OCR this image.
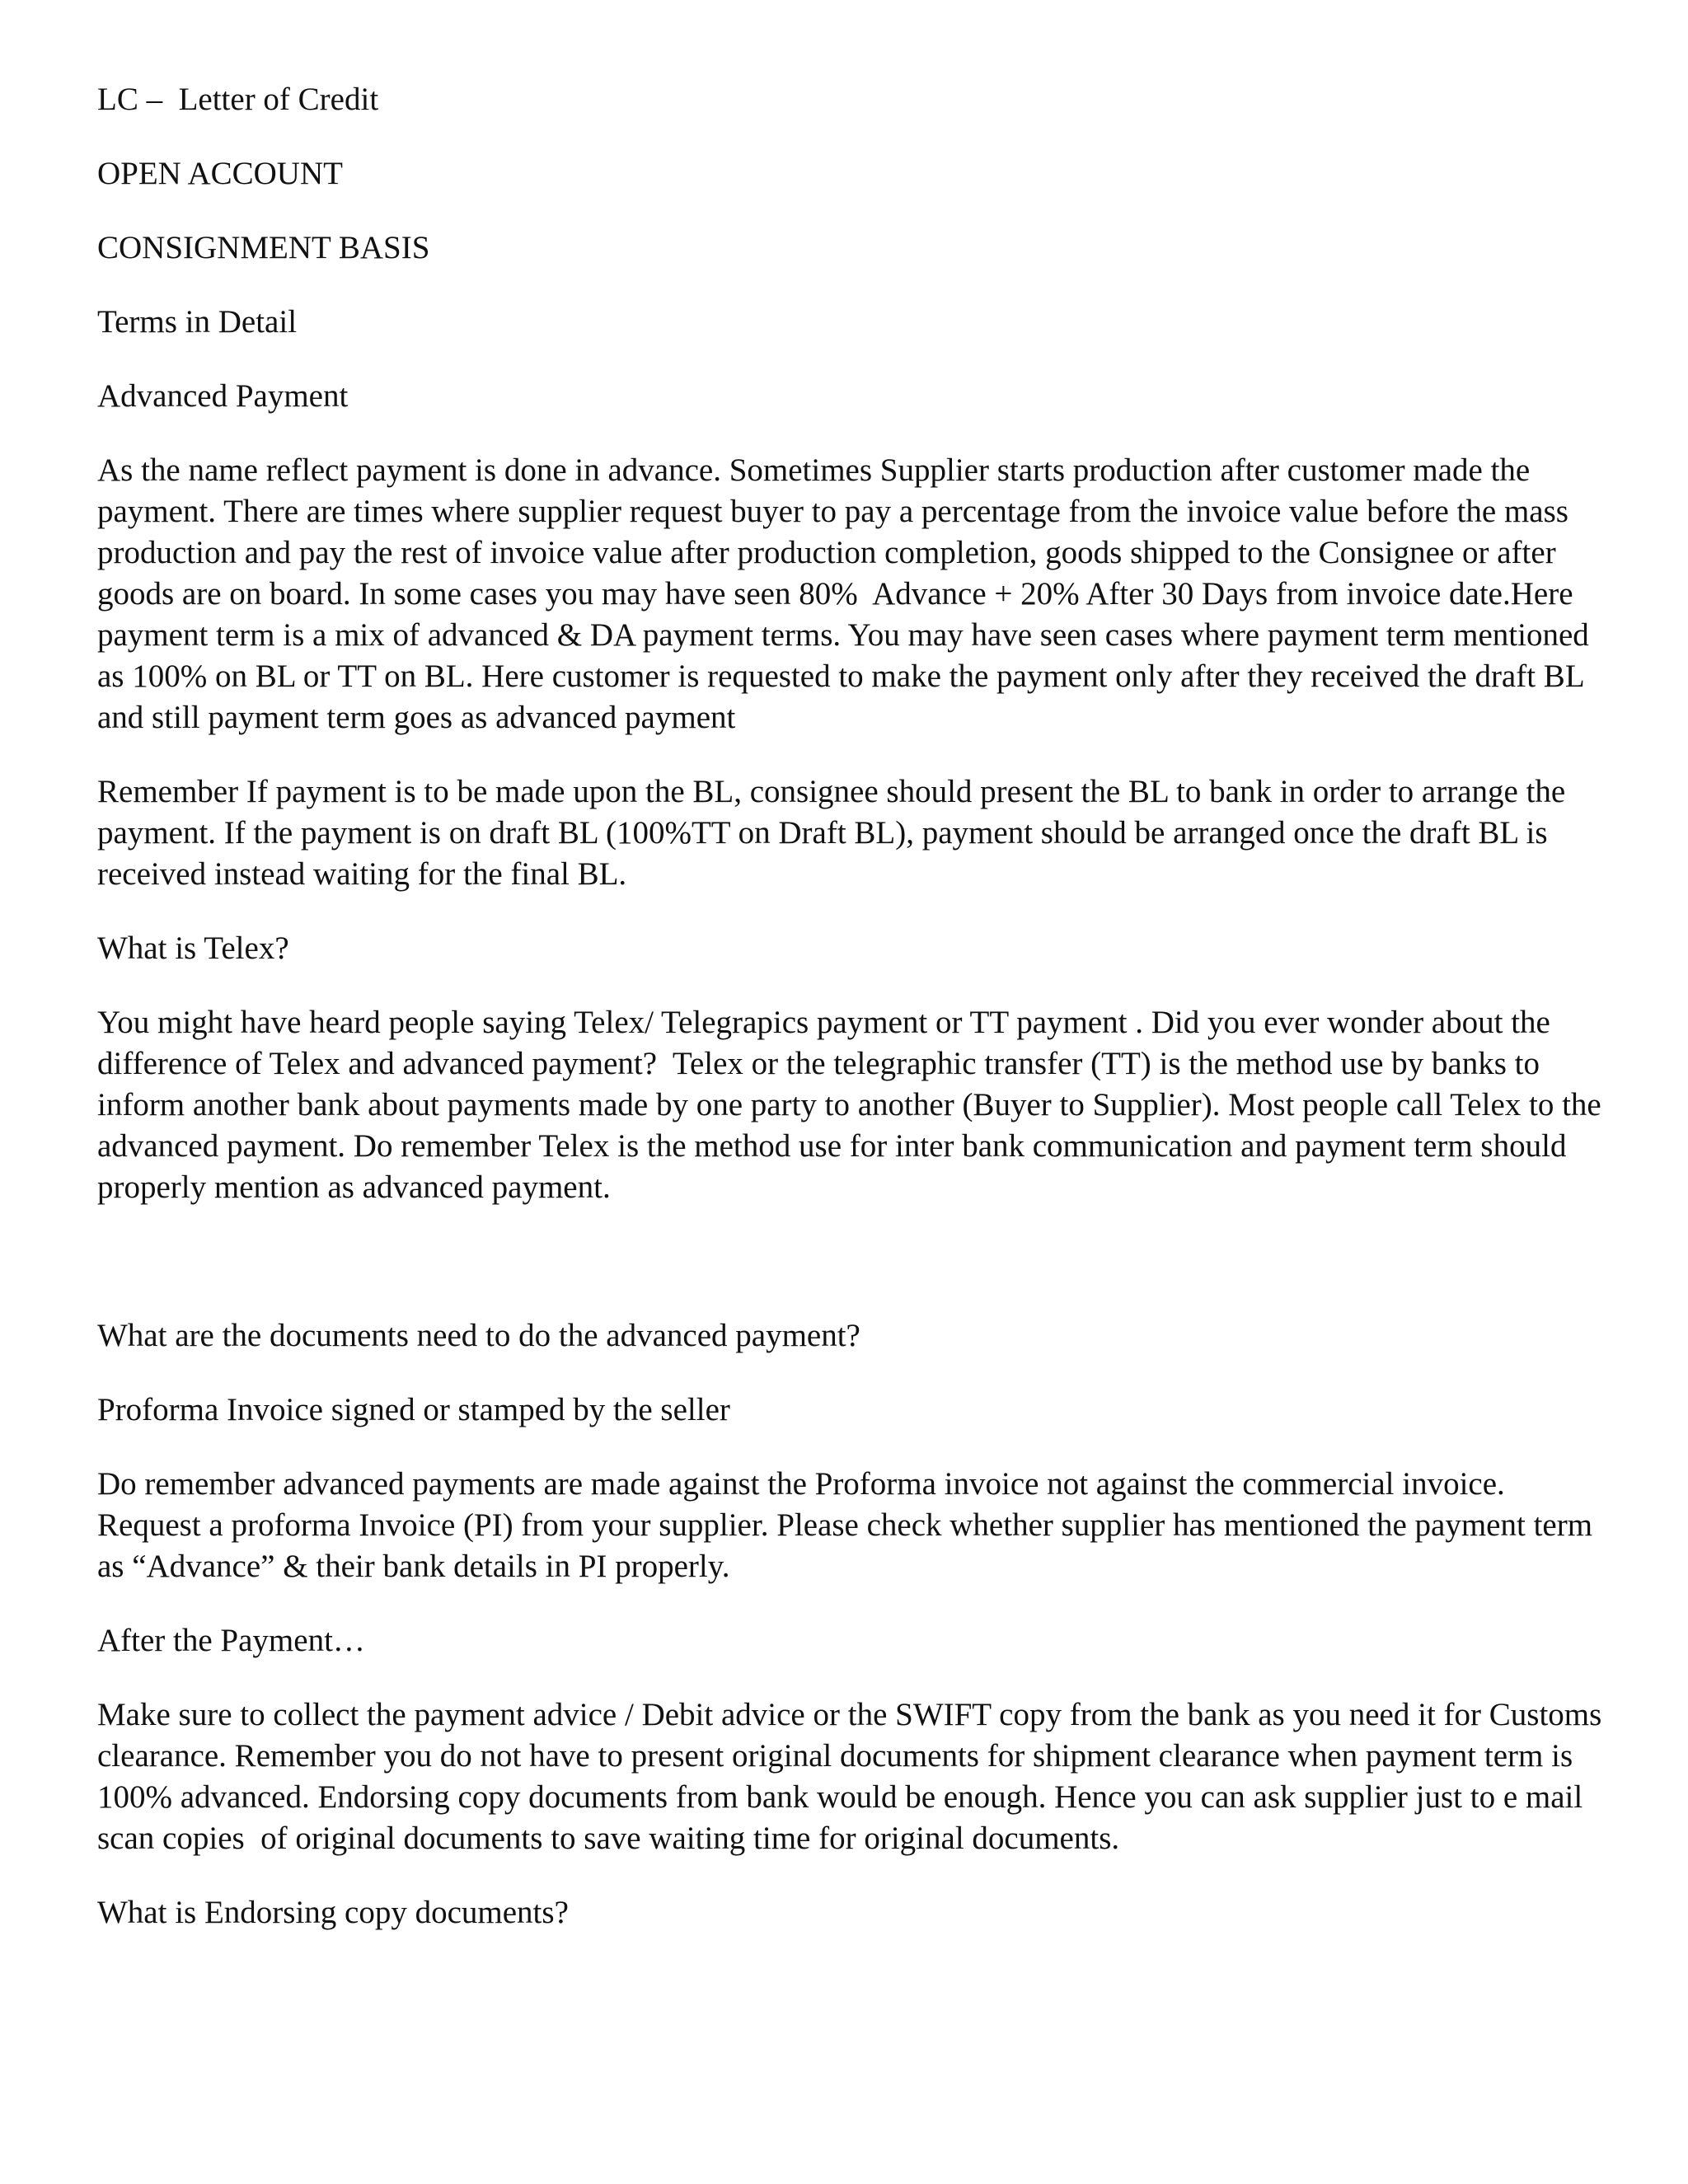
LC –  Letter of Credit

OPEN ACCOUNT

CONSIGNMENT BASIS

Terms in Detail

Advanced Payment

As the name reflect payment is done in advance. Sometimes Supplier starts production after customer made the payment. There are times where supplier request buyer to pay a percentage from the invoice value before the mass production and pay the rest of invoice value after production completion, goods shipped to the Consignee or after goods are on board. In some cases you may have seen 80%  Advance + 20% After 30 Days from invoice date.Here payment term is a mix of advanced & DA payment terms. You may have seen cases where payment term mentioned as 100% on BL or TT on BL. Here customer is requested to make the payment only after they received the draft BL and still payment term goes as advanced payment

Remember If payment is to be made upon the BL, consignee should present the BL to bank in order to arrange the payment. If the payment is on draft BL (100%TT on Draft BL), payment should be arranged once the draft BL is received instead waiting for the final BL.

What is Telex?

You might have heard people saying Telex/ Telegrapics payment or TT payment . Did you ever wonder about the difference of Telex and advanced payment?  Telex or the telegraphic transfer (TT) is the method use by banks to inform another bank about payments made by one party to another (Buyer to Supplier). Most people call Telex to the advanced payment. Do remember Telex is the method use for inter bank communication and payment term should properly mention as advanced payment.

What are the documents need to do the advanced payment?

Proforma Invoice signed or stamped by the seller

Do remember advanced payments are made against the Proforma invoice not against the commercial invoice. Request a proforma Invoice (PI) from your supplier. Please check whether supplier has mentioned the payment term as “Advance” & their bank details in PI properly.

After the Payment…

Make sure to collect the payment advice / Debit advice or the SWIFT copy from the bank as you need it for Customs clearance. Remember you do not have to present original documents for shipment clearance when payment term is 100% advanced. Endorsing copy documents from bank would be enough. Hence you can ask supplier just to e mail scan copies  of original documents to save waiting time for original documents.

What is Endorsing copy documents?
